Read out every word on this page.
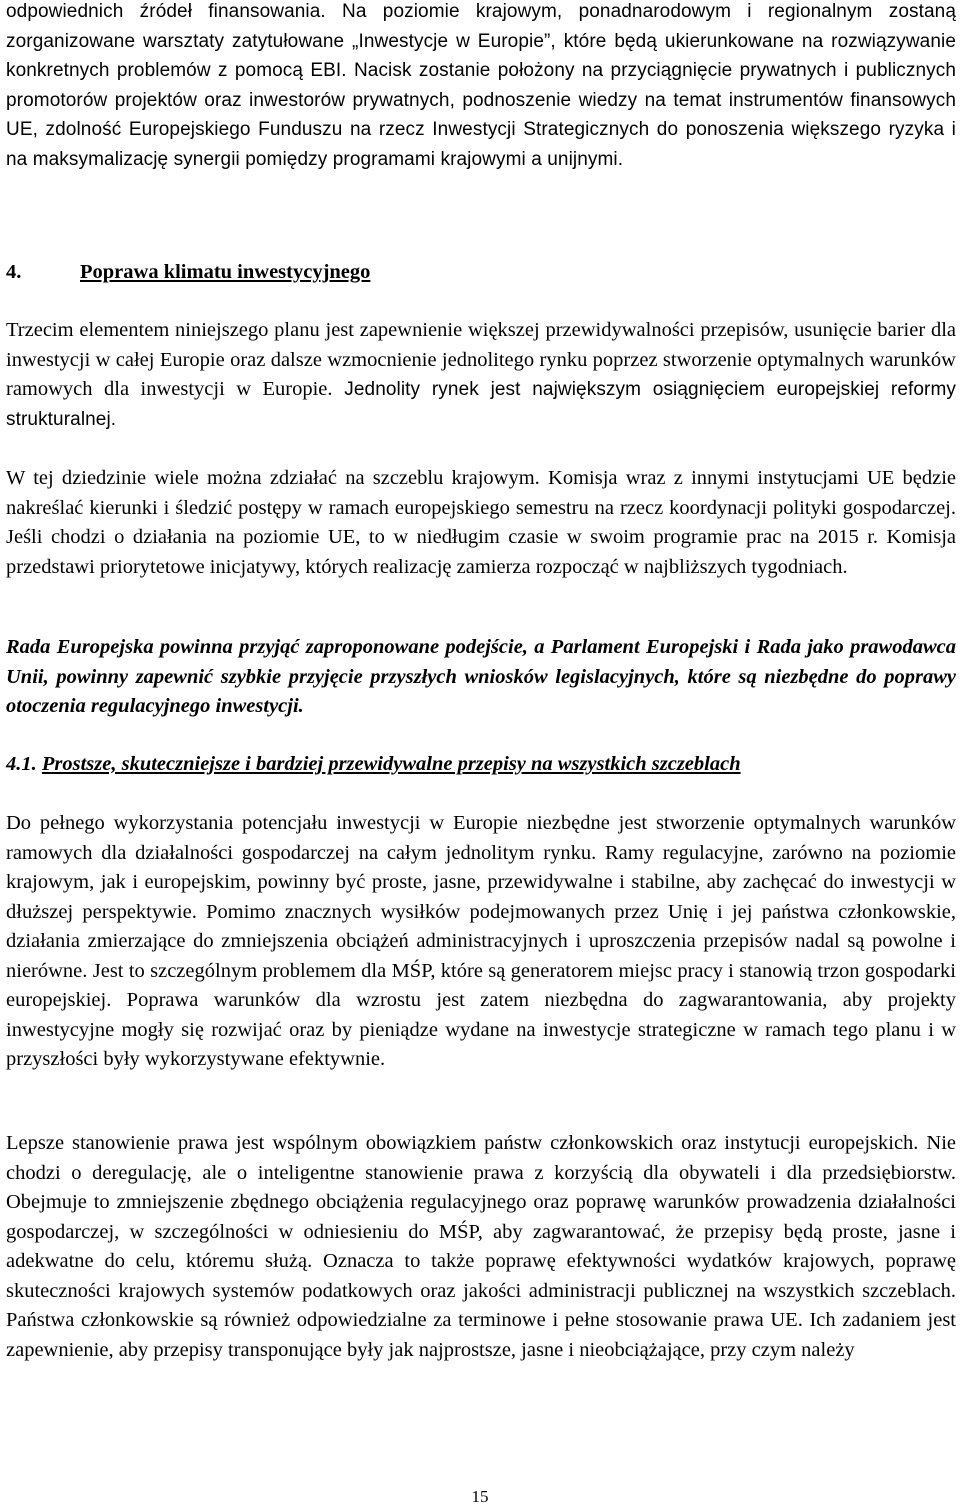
odpowiednich źródeł finansowania. Na poziomie krajowym, ponadnarodowym i regionalnym zostaną zorganizowane warsztaty zatytułowane „Inwestycje w Europie”, które będą ukierunkowane na rozwiązywanie konkretnych problemów z pomocą EBI. Nacisk zostanie położony na przyciągnięcie prywatnych i publicznych promotorów projektów oraz inwestorów prywatnych, podnoszenie wiedzy na temat instrumentów finansowych UE, zdolność Europejskiego Funduszu na rzecz Inwestycji Strategicznych do ponoszenia większego ryzyka i na maksymalizację synergii pomiędzy programami krajowymi a unijnymi.

4.	Poprawa klimatu inwestycyjnego

Trzecim elementem niniejszego planu jest zapewnienie większej przewidywalności przepisów, usunięcie barier dla inwestycji w całej Europie oraz dalsze wzmocnienie jednolitego rynku poprzez stworzenie optymalnych warunków ramowych dla inwestycji w Europie. Jednolity rynek jest największym osiągnięciem europejskiej reformy strukturalnej.

W tej dziedzinie wiele można zdziałać na szczeblu krajowym. Komisja wraz z innymi instytucjami UE będzie nakreślać kierunki i śledzić postępy w ramach europejskiego semestru na rzecz koordynacji polityki gospodarczej. Jeśli chodzi o działania na poziomie UE, to w niedługim czasie w swoim programie prac na 2015 r. Komisja przedstawi priorytetowe inicjatywy, których realizację zamierza rozpocząć w najbliższych tygodniach.

Rada Europejska powinna przyjąć zaproponowane podejście, a Parlament Europejski i Rada jako prawodawca Unii, powinny zapewnić szybkie przyjęcie przyszłych wniosków legislacyjnych, które są niezbędne do poprawy otoczenia regulacyjnego inwestycji.

4.1. Prostsze, skuteczniejsze i bardziej przewidywalne przepisy na wszystkich szczeblach

Do pełnego wykorzystania potencjału inwestycji w Europie niezbędne jest stworzenie optymalnych warunków ramowych dla działalności gospodarczej na całym jednolitym rynku. Ramy regulacyjne, zarówno na poziomie krajowym, jak i europejskim, powinny być proste, jasne, przewidywalne i stabilne, aby zachęcać do inwestycji w dłuższej perspektywie. Pomimo znacznych wysiłków podejmowanych przez Unię i jej państwa członkowskie, działania zmierzające do zmniejszenia obciążeń administracyjnych i uproszczenia przepisów nadal są powolne i nierówne. Jest to szczególnym problemem dla MŚP, które są generatorem miejsc pracy i stanowią trzon gospodarki europejskiej. Poprawa warunków dla wzrostu jest zatem niezbędna do zagwarantowania, aby projekty inwestycyjne mogły się rozwijać oraz by pieniądze wydane na inwestycje strategiczne w ramach tego planu i w przyszłości były wykorzystywane efektywnie.

Lepsze stanowienie prawa jest wspólnym obowiązkiem państw członkowskich oraz instytucji europejskich. Nie chodzi o deregulację, ale o inteligentne stanowienie prawa z korzyścią dla obywateli i dla przedsiębiorstw. Obejmuje to zmniejszenie zbędnego obciążenia regulacyjnego oraz poprawę warunków prowadzenia działalności gospodarczej, w szczególności w odniesieniu do MŚP, aby zagwarantować, że przepisy będą proste, jasne i adekwatne do celu, któremu służą. Oznacza to także poprawę efektywności wydatków krajowych, poprawę skuteczności krajowych systemów podatkowych oraz jakości administracji publicznej na wszystkich szczeblach. Państwa członkowskie są również odpowiedzialne za terminowe i pełne stosowanie prawa UE. Ich zadaniem jest zapewnienie, aby przepisy transponujące były jak najprostsze, jasne i nieobciążające, przy czym należy

15
